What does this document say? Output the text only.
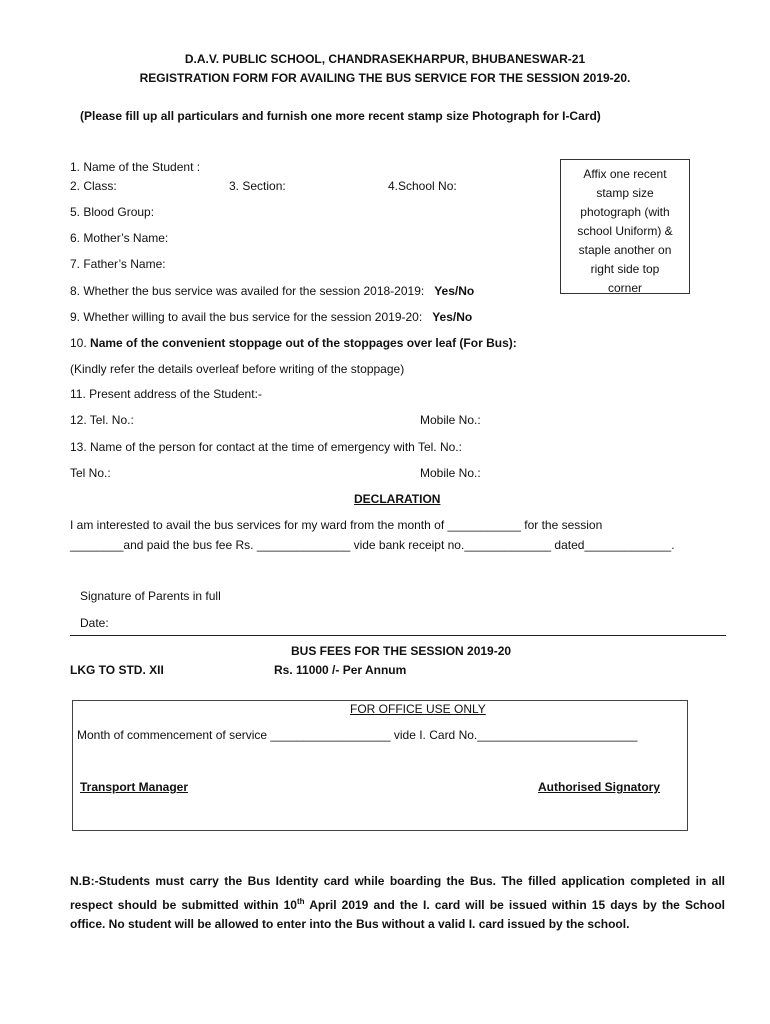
D.A.V. PUBLIC SCHOOL, CHANDRASEKHARPUR, BHUBANESWAR-21
REGISTRATION FORM FOR AVAILING THE BUS SERVICE FOR THE SESSION 2019-20.
(Please fill up all particulars and furnish one more recent stamp size Photograph for I-Card)
Affix one recent
stamp size
photograph (with
school Uniform) &
staple another on
right side top
corner
1. Name of the Student :
2. Class:	3. Section:	4.School No:
5. Blood Group:
6. Mother’s Name:
7. Father’s Name:
8. Whether the bus service was availed for the session 2018-2019: Yes/No
9. Whether willing to avail the bus service for the session 2019-20: Yes/No
10. Name of the convenient stoppage out of the stoppages over leaf (For Bus):
(Kindly refer the details overleaf before writing of the stoppage)
11. Present address of the Student:-
12. Tel. No.:	Mobile No.:
13. Name of the person for contact at the time of emergency with Tel. No.:
Tel No.:	Mobile No.:
DECLARATION
I am interested to avail the bus services for my ward from the month of ___________ for the session
________and paid the bus fee Rs. ______________ vide bank receipt no._____________ dated_____________.
Signature of Parents in full
Date:
BUS FEES FOR THE SESSION 2019-20
LKG TO STD. XII	Rs. 11000 /- Per Annum
FOR OFFICE USE ONLY
Month of commencement of service __________________ vide I. Card No.________________________
Transport Manager	Authorised Signatory
N.B:-Students must carry the Bus Identity card while boarding the Bus. The filled application completed in all respect should be submitted within 10th April 2019 and the I. card will be issued within 15 days by the School office. No student will be allowed to enter into the Bus without a valid I. card issued by the school.
